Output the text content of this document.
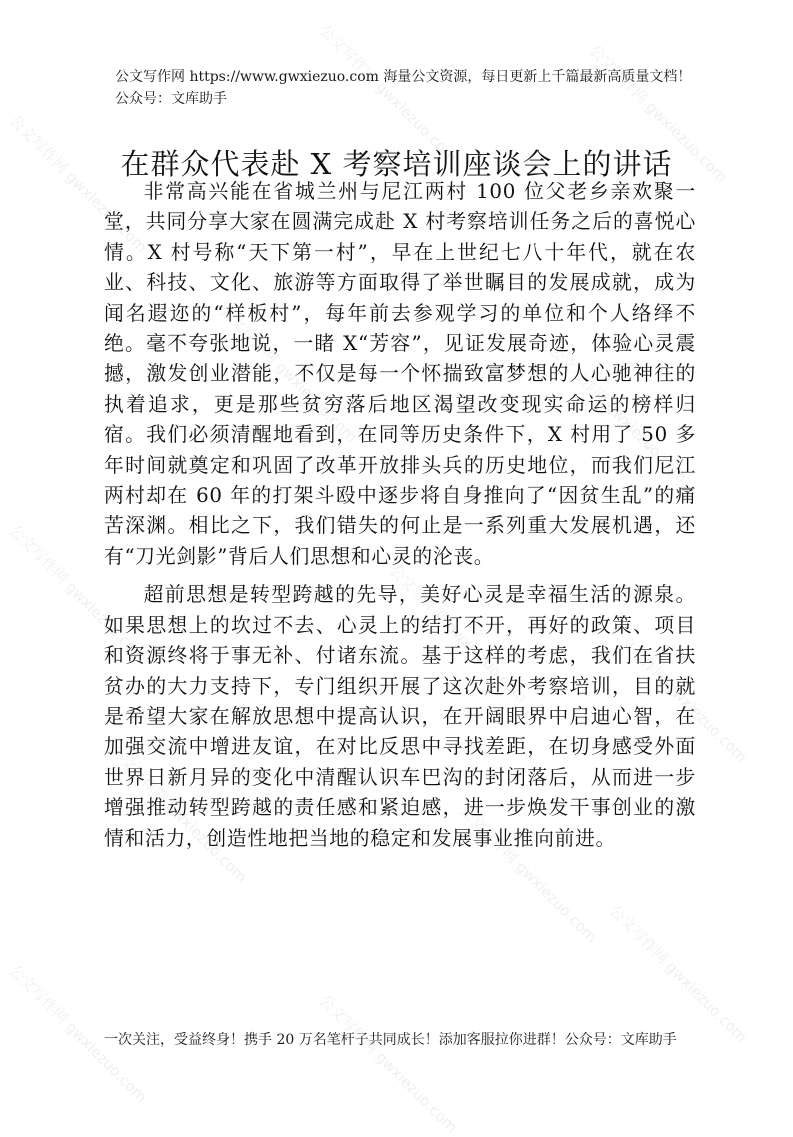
公文写作网 gwxiezuo.com	公文写作网 gwxiezuo.com
公文写作网 gwxiezuo.com
公文写作网 gwxiezuo.com	公文写作网 gwxiezuo.com
公文写作网 gwxiezuo.com	公文写作网 gwxiezuo.com	公文写作网 gwxiezuo.com
公文写作网 gwxiezuo.com	公文写作网 gwxiezuo.com
公文写作网 gwxiezuo.com	公文写作网 gwxiezuo.com
公文写作网 gwxiezuo.com
公文写作网 https://www.gwxiezuo.com 海量公文资源，每日更新上千篇最新高质量文档！ 公众号：文库助手
在群众代表赴 X 考察培训座谈会上的讲话

非常高兴能在省城兰州与尼江两村 100 位父老乡亲欢聚一堂，共同分享大家在圆满完成赴 X 村考察培训任务之后的喜悦心情。X 村号称“天下第一村”，早在上世纪七八十年代，就在农业、科技、文化、旅游等方面取得了举世瞩目的发展成就，成为闻名遐迩的“样板村”，每年前去参观学习的单位和个人络绎不绝。毫不夸张地说，一睹 X“芳容”，见证发展奇迹，体验心灵震撼，激发创业潜能，不仅是每一个怀揣致富梦想的人心驰神往的执着追求，更是那些贫穷落后地区渴望改变现实命运的榜样归宿。我们必须清醒地看到，在同等历史条件下，X 村用了 50 多年时间就奠定和巩固了改革开放排头兵的历史地位，而我们尼江两村却在 60 年的打架斗殴中逐步将自身推向了“因贫生乱”的痛苦深渊。相比之下，我们错失的何止是一系列重大发展机遇，还有“刀光剑影”背后人们思想和心灵的沦丧。

超前思想是转型跨越的先导，美好心灵是幸福生活的源泉。如果思想上的坎过不去、心灵上的结打不开，再好的政策、项目和资源终将于事无补、付诸东流。基于这样的考虑，我们在省扶贫办的大力支持下，专门组织开展了这次赴外考察培训，目的就是希望大家在解放思想中提高认识，在开阔眼界中启迪心智，在加强交流中增进友谊，在对比反思中寻找差距，在切身感受外面世界日新月异的变化中清醒认识车巴沟的封闭落后，从而进一步增强推动转型跨越的责任感和紧迫感，进一步焕发干事创业的激情和活力，创造性地把当地的稳定和发展事业推向前进。

一次关注，受益终身！携手 20 万名笔杆子共同成长！添加客服拉你进群！公众号：文库助手
